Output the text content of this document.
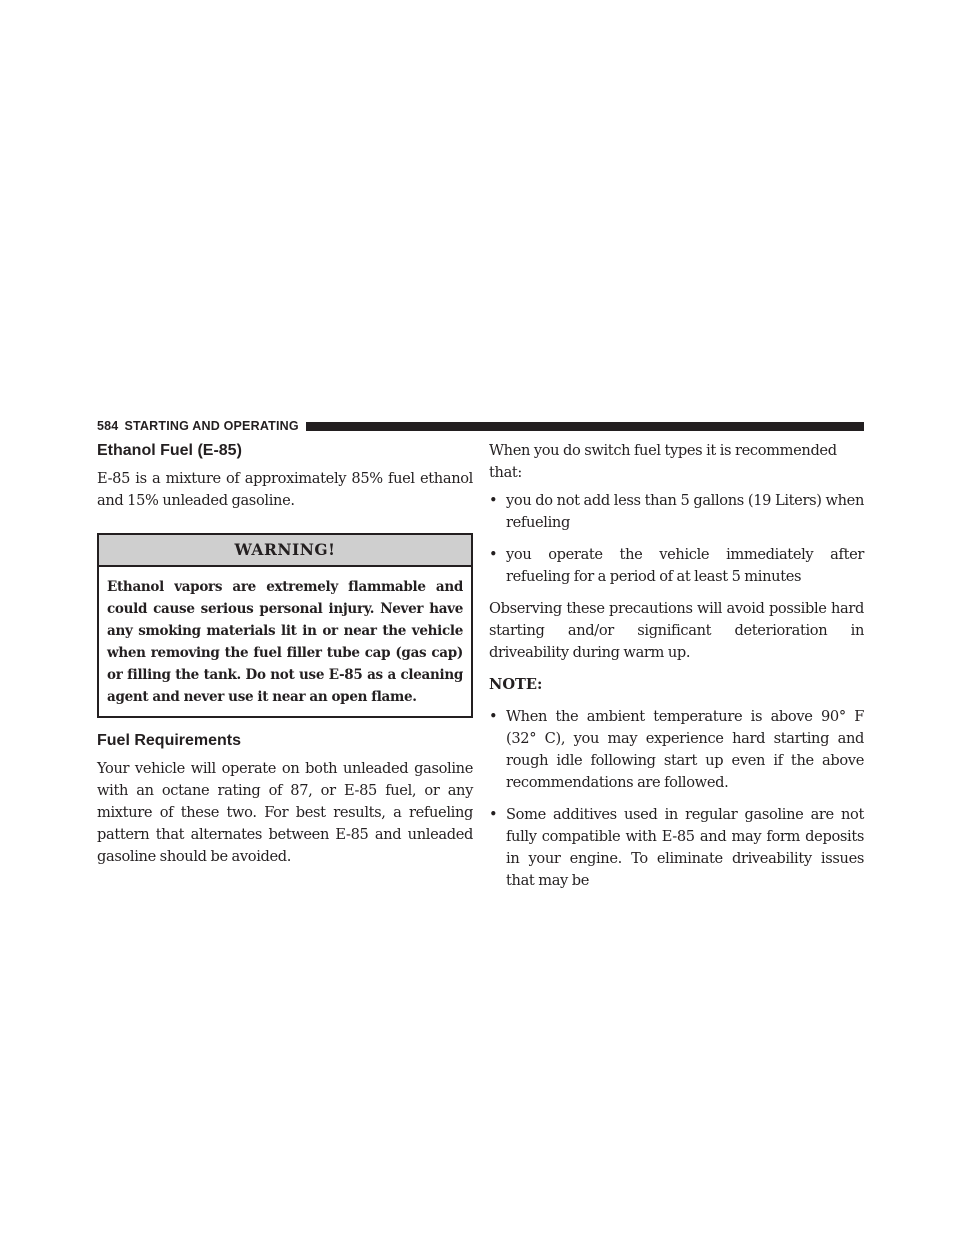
584 STARTING AND OPERATING
Ethanol Fuel (E-85)

E-85 is a mixture of approximately 85% fuel ethanol and 15% unleaded gasoline.

WARNING!

Ethanol vapors are extremely flammable and could cause serious personal injury. Never have any smoking materials lit in or near the vehicle when removing the fuel filler tube cap (gas cap) or filling the tank. Do not use E-85 as a cleaning agent and never use it near an open flame.

Fuel Requirements

Your vehicle will operate on both unleaded gasoline with an octane rating of 87, or E-85 fuel, or any mixture of these two. For best results, a refueling pattern that alternates between E-85 and unleaded gasoline should be avoided.

When you do switch fuel types it is recommended that:

• you do not add less than 5 gallons (19 Liters) when refueling

• you operate the vehicle immediately after refueling for a period of at least 5 minutes

Observing these precautions will avoid possible hard starting and/or significant deterioration in driveability during warm up.

NOTE:
• When the ambient temperature is above 90° F (32° C), you may experience hard starting and rough idle following start up even if the above recommendations are followed.

• Some additives used in regular gasoline are not fully compatible with E-85 and may form deposits in your engine. To eliminate driveability issues that may be
